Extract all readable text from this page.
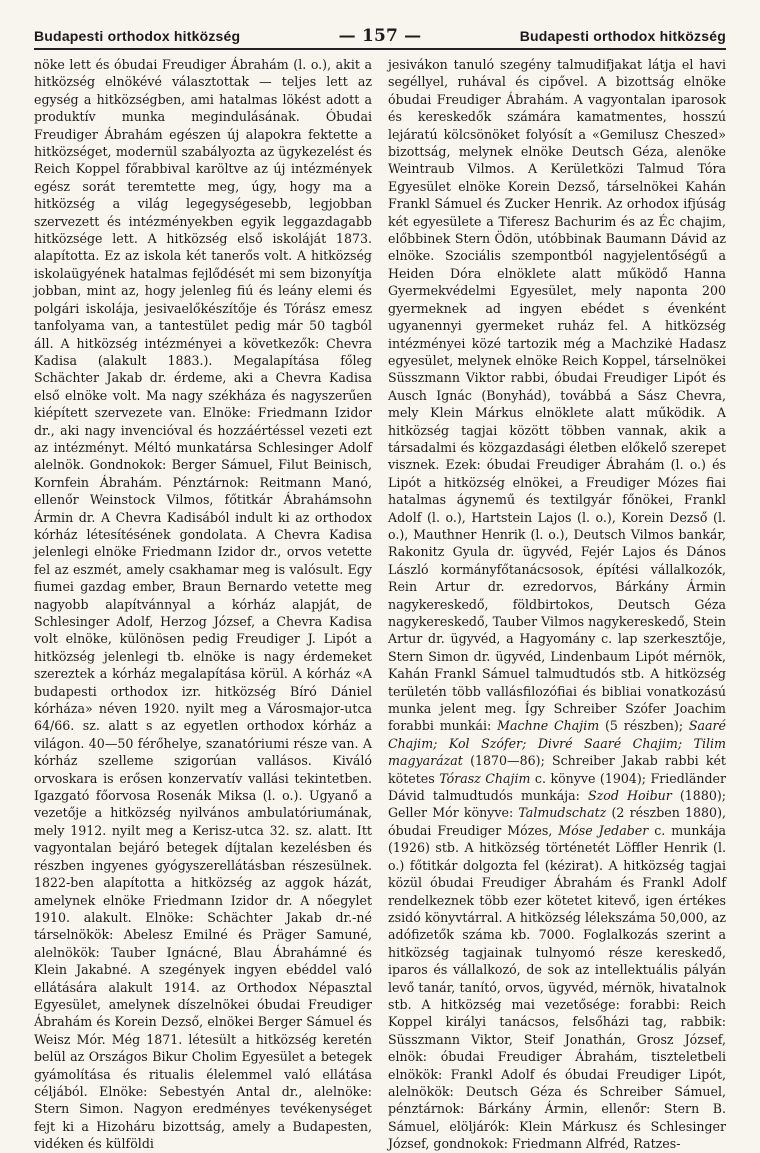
Budapesti orthodox hitközség	— 157 —	Budapesti orthodox hitközség

nöke lett és óbudai Freudiger Ábrahám (l. o.), akit a hitközség elnökévé választottak — teljes lett az egység a hitközségben, ami hatalmas lökést adott a produktív munka megindulásának. Óbudai Freudiger Ábrahám egészen új alapokra fektette a hitközséget, modernül szabályozta az ügykezelést és Reich Koppel főrabbival karöltve az új intézmények egész sorát teremtette meg, úgy, hogy ma a hitközség a világ legegységesebb, legjobban szervezett és intézményekben egyik leggazdagabb hitközsége lett. A hitközség első iskoláját 1873. alapította. Ez az iskola két tanerős volt. A hitközség iskolaügyének hatalmas fejlődését mi sem bizonyítja jobban, mint az, hogy jelenleg fiú és leány elemi és polgári iskolája, jesivaelőkészítője és Tórász emesz tanfolyama van, a tantestület pedig már 50 tagból áll. A hitközség intézményei a következők: Chevra Kadisa (alakult 1883.). Megalapítása főleg Schächter Jakab dr. érdeme, aki a Chevra Kadisa első elnöke volt. Ma nagy székháza és nagyszerűen kiépített szervezete van. Elnöke: Friedmann Izidor dr., aki nagy invencióval és hozzáértéssel vezeti ezt az intézményt. Méltó munkatársa Schlesinger Adolf alelnök. Gondnokok: Berger Sámuel, Filut Beinisch, Kornfein Ábrahám. Pénztárnok: Reitmann Manó, ellenőr Weinstock Vilmos, főtitkár Ábrahámsohn Ármin dr. A Chevra Kadisából indult ki az orthodox kórház létesítésének gondolata. A Chevra Kadisa jelenlegi elnöke Friedmann Izidor dr., orvos vetette fel az eszmét, amely csakhamar meg is valósult. Egy fiumei gazdag ember, Braun Bernardo vetette meg nagyobb alapítvánnyal a kórház alapját, de Schlesinger Adolf, Herzog József, a Chevra Kadisa volt elnöke, különösen pedig Freudiger J. Lipót a hitközség jelenlegi tb. elnöke is nagy érdemeket szereztek a kórház megalapítása körül. A kórház «A budapesti orthodox izr. hitközség Bíró Dániel kórháza» néven 1920. nyilt meg a Városmajor-utca 64/66. sz. alatt s az egyetlen orthodox kórház a világon. 40—50 férőhelye, szanatóriumi része van. A kórház szelleme szigorúan vallásos. Kiváló orvoskara is erősen konzervatív vallási tekintetben. Igazgató főorvosa Rosenák Miksa (l. o.). Ugyanő a vezetője a hitközség nyilvános ambulatóriumának, mely 1912. nyilt meg a Kerisz-utca 32. sz. alatt. Itt vagyontalan bejáró betegek díjtalan kezelésben és részben ingyenes gyógyszerellátásban részesülnek. 1822-ben alapította a hitközség az aggok házát, amelynek elnöke Friedmann Izidor dr. A nőegylet 1910. alakult. Elnöke: Schächter Jakab dr.-né társelnökök: Abelesz Emilné és Präger Samuné, alelnökök: Tauber Ignácné, Blau Ábrahámné és Klein Jakabné. A szegények ingyen ebéddel való ellátására alakult 1914. az Orthodox Népasztal Egyesület, amelynek díszelnökei óbudai Freudiger Ábrahám és Korein Dezső, elnökei Berger Sámuel és Weisz Mór. Még 1871. létesült a hitközség keretén belül az Országos Bikur Cholim Egyesület a betegek gyámolítása és ritualis élelemmel való ellátása céljából. Elnöke: Sebestyén Antal dr., alelnöke: Stern Simon. Nagyon eredményes tevékenységet fejt ki a Hizoháru bizottság, amely a Budapesten, vidéken és külföldi

jesivákon tanuló szegény talmudifjakat látja el havi segéllyel, ruhával és cipővel. A bizottság elnöke óbudai Freudiger Ábrahám. A vagyontalan iparosok és kereskedők számára kamatmentes, hosszú lejáratú kölcsönöket folyósít a «Gemilusz Cheszed» bizottság, melynek elnöke Deutsch Géza, alenöke Weintraub Vilmos. A Kerületközi Talmud Tóra Egyesület elnöke Korein Dezső, társelnökei Kahán Frankl Sámuel és Zucker Henrik. Az orhodox ifjúság két egyesülete a Tiferesz Bachurim és az Éc chajim, előbbinek Stern Ödön, utóbbinak Baumann Dávid az elnöke. Szociális szempontból nagyjelentőségű a Heiden Dóra elnöklete alatt működő Hanna Gyermekvédelmi Egyesület, mely naponta 200 gyermeknek ad ingyen ebédet s évenként ugyanennyi gyermeket ruház fel. A hitközség intézményei közé tartozik még a Machzikė Hadasz egyesület, melynek elnöke Reich Koppel, társelnökei Süsszmann Viktor rabbi, óbudai Freudiger Lipót és Ausch Ignác (Bonyhád), továbbá a Sász Chevra, mely Klein Márkus elnöklete alatt működik. A hitközség tagjai között többen vannak, akik a társadalmi és közgazdasági életben előkelő szerepet visznek. Ezek: óbudai Freudiger Ábrahám (l. o.) és Lipót a hitközség elnökei, a Freudiger Mózes fiai hatalmas ágynemű és textilgyár főnökei, Frankl Adolf (l. o.), Hartstein Lajos (l. o.), Korein Dezső (l. o.), Mauthner Henrik (l. o.), Deutsch Vilmos bankár, Rakonitz Gyula dr. ügyvéd, Fejér Lajos és Dános László kormányfőtanácsosok, építési vállalkozók, Rein Artur dr. ezredorvos, Bárkány Ármin nagykereskedő, földbirtokos, Deutsch Géza nagykereskedő, Tauber Vilmos nagykereskedő, Stein Artur dr. ügyvéd, a Hagyomány c. lap szerkesztője, Stern Simon dr. ügyvéd, Lindenbaum Lipót mérnök, Kahán Frankl Sámuel talmudtudós stb. A hitközség területén több vallásfilozófiai és bibliai vonatkozású munka jelent meg. Így Schreiber Szófer Joachim forabbi munkái: Machne Chajim (5 részben); Saaré Chajim; Kol Szófer; Divré Saaré Chajim; Tilim magyarázat (1870—86); Schreiber Jakab rabbi két kötetes Tórasz Chajim c. könyve (1904); Friedländer Dávid talmudtudós munkája: Szod Hoibur (1880); Geller Mór könyve: Talmudschatz (2 részben 1880), óbudai Freudiger Mózes, Móse Jedaber c. munkája (1926) stb. A hitközség történetét Löffler Henrik (l. o.) főtitkár dolgozta fel (kézirat). A hitközség tagjai közül óbudai Freudiger Ábrahám és Frankl Adolf rendelkeznek több ezer kötetet kitevő, igen értékes zsidó könyvtárral. A hitközség lélekszáma 50,000, az adófizetők száma kb. 7000. Foglalkozás szerint a hitközség tagjainak tulnyomó része kereskedő, iparos és vállalkozó, de sok az intellektuális pályán levő tanár, tanító, orvos, ügyvéd, mérnök, hivatalnok stb. A hitközség mai vezetősége: forabbi: Reich Koppel királyi tanácsos, felsőházi tag, rabbik: Süsszmann Viktor, Steif Jonathán, Grosz József, elnök: óbudai Freudiger Ábrahám, tiszteletbeli elnökök: Frankl Adolf és óbudai Freudiger Lipót, alelnökök: Deutsch Géza és Schreiber Sámuel, pénztárnok: Bárkány Ármin, ellenőr: Stern B. Sámuel, elöljárók: Klein Márkusz és Schlesinger József, gondnokok: Friedmann Alfréd, Ratzes-
